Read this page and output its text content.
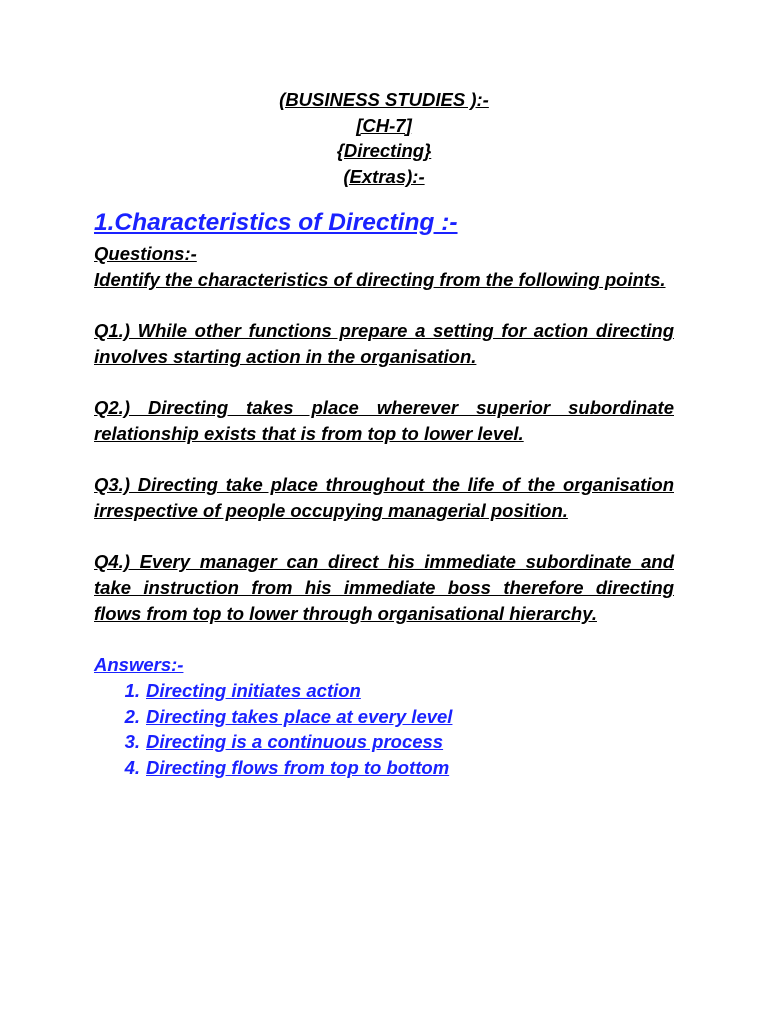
(BUSINESS STUDIES ):-
[CH-7]
{Directing}
(Extras):-

1.Characteristics of Directing :-

Questions:-

Identify the characteristics of directing from the following points.

Q1.) While other functions prepare a setting for action directing involves starting action in the organisation.

Q2.) Directing takes place wherever superior subordinate relationship exists that is from top to lower level.

Q3.) Directing take place throughout the life of the organisation irrespective of people occupying managerial position.

Q4.) Every manager can direct his immediate subordinate and take instruction from his immediate boss therefore directing flows from top to lower through organisational hierarchy.

Answers:-

1. Directing initiates action
2. Directing takes place at every level
3. Directing is a continuous process
4. Directing flows from top to bottom
